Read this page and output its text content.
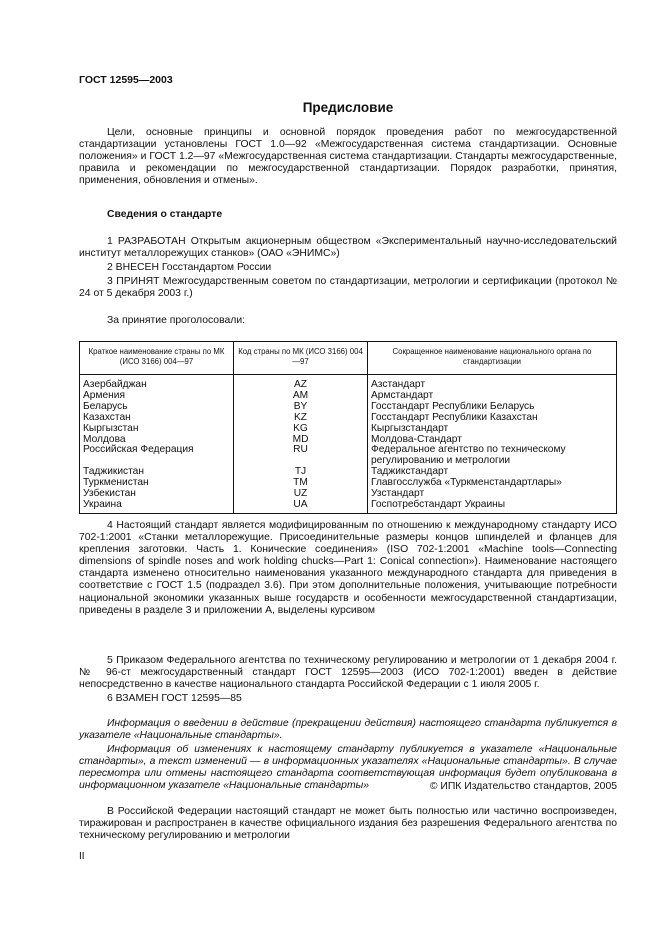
ГОСТ 12595—2003
Предисловие
Цели, основные принципы и основной порядок проведения работ по межгосударственной стандартизации установлены ГОСТ 1.0—92 «Межгосударственная система стандартизации. Основные положения» и ГОСТ 1.2—97 «Межгосударственная система стандартизации. Стандарты межгосударственные, правила и рекомендации по межгосударственной стандартизации. Порядок разработки, принятия, применения, обновления и отмены».
Сведения о стандарте
1 РАЗРАБОТАН Открытым акционерным обществом «Экспериментальный научно-исследовательский институт металлорежущих станков» (ОАО «ЭНИМС»)
2 ВНЕСЕН Госстандартом России
3 ПРИНЯТ Межгосударственным советом по стандартизации, метрологии и сертификации (протокол № 24 от 5 декабря 2003 г.)
За принятие проголосовали:
Краткое наименование страны по МК (ИСО 3166) 004—97	Код страны по МК (ИСО 3166) 004—97	Сокращенное наименование национального органа по стандартизации
Азербайджан	AZ	Азстандарт
Армения	AM	Армстандарт
Беларусь	BY	Госстандарт Республики Беларусь
Казахстан	KZ	Госстандарт Республики Казахстан
Кыргызстан	KG	Кыргызстандарт
Молдова	MD	Молдова-Стандарт
Российская Федерация	RU	Федеральное агентство по техническому регулированию и метрологии
Таджикистан	TJ	Таджикстандарт
Туркменистан	TM	Главгосслужба «Туркменстандартлары»
Узбекистан	UZ	Узстандарт
Украина	UA	Госпотребстандарт Украины
4 Настоящий стандарт является модифицированным по отношению к международному стандарту ИСО 702-1:2001 «Станки металлорежущие. Присоединительные размеры концов шпинделей и фланцев для крепления заготовки. Часть 1. Конические соединения» (ISO 702-1:2001 «Machine tools—Connecting dimensions of spindle noses and work holding chucks—Part 1: Conical connection»). Наименование настоящего стандарта изменено относительно наименования указанного международного стандарта для приведения в соответствие с ГОСТ 1.5 (подраздел 3.6). При этом дополнительные положения, учитывающие потребности национальной экономики указанных выше государств и особенности межгосударственной стандартизации, приведены в разделе 3 и приложении А, выделены курсивом
5 Приказом Федерального агентства по техническому регулированию и метрологии от 1 декабря 2004 г. № 96-ст межгосударственный стандарт ГОСТ 12595—2003 (ИСО 702-1:2001) введен в действие непосредственно в качестве национального стандарта Российской Федерации с 1 июля 2005 г.
6 ВЗАМЕН ГОСТ 12595—85
Информация о введении в действие (прекращении действия) настоящего стандарта публикуется в указателе «Национальные стандарты».
Информация об изменениях к настоящему стандарту публикуется в указателе «Национальные стандарты», а текст изменений — в информационных указателях «Национальные стандарты». В случае пересмотра или отмены настоящего стандарта соответствующая информация будет опубликована в информационном указателе «Национальные стандарты»	© ИПК Издательство стандартов, 2005
В Российской Федерации настоящий стандарт не может быть полностью или частично воспроизведен, тиражирован и распространен в качестве официального издания без разрешения Федерального агентства по техническому регулированию и метрологии
II
